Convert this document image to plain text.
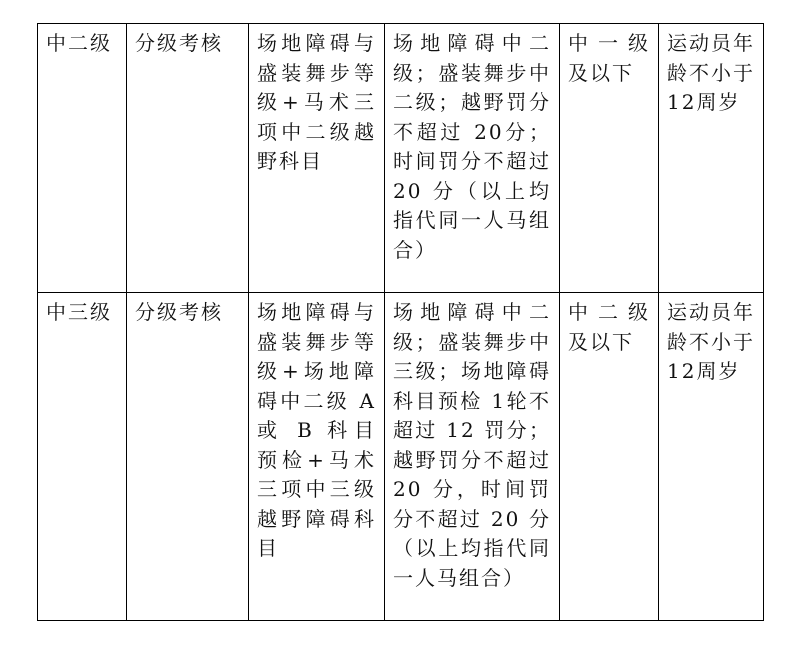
中二级	分级考核	场地障碍与盛装舞步等级+马术三项中二级越野科目	场地障碍中二级；盛装舞步中二级；越野罚分不超过 20分；时间罚分不超过 20 分（以上均指代同一人马组合）	中一级及以下	运动员年龄不小于 12周岁
中三级	分级考核	场地障碍与盛装舞步等级+场地障碍中二级 A 或 B 科目预检+马术三项中三级越野障碍科目	场地障碍中二级；盛装舞步中三级；场地障碍科目预检 1轮不超过 12 罚分；越野罚分不超过 20 分，时间罚分不超过 20 分（以上均指代同一人马组合）	中二级及以下	运动员年龄不小于 12周岁
